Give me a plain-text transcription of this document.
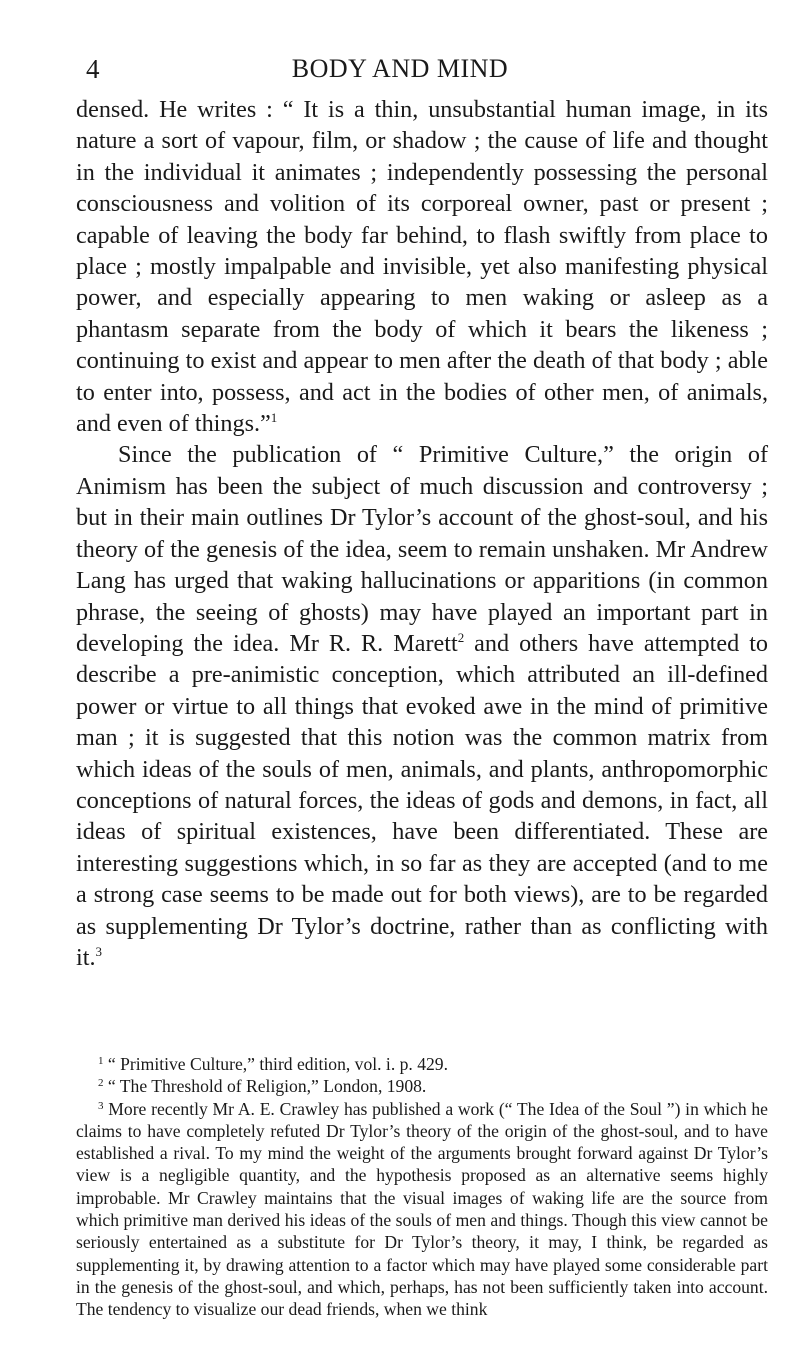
4	BODY AND MIND

densed. He writes : “ It is a thin, unsubstantial human image, in its nature a sort of vapour, film, or shadow ; the cause of life and thought in the individual it animates ; independently possessing the personal consciousness and volition of its corporeal owner, past or present ; capable of leaving the body far behind, to flash swiftly from place to place ; mostly impalpable and invisible, yet also manifesting physical power, and especially appearing to men waking or asleep as a phantasm separate from the body of which it bears the likeness ; continuing to exist and appear to men after the death of that body ; able to enter into, possess, and act in the bodies of other men, of animals, and even of things.”$^1$

Since the publication of “ Primitive Culture,” the origin of Animism has been the subject of much discussion and controversy ; but in their main outlines Dr Tylor’s account of the ghost-soul, and his theory of the genesis of the idea, seem to remain unshaken. Mr Andrew Lang has urged that waking hallucinations or apparitions (in common phrase, the seeing of ghosts) may have played an important part in developing the idea. Mr R. R. Marett$^2$ and others have attempted to describe a pre-animistic conception, which attributed an ill-defined power or virtue to all things that evoked awe in the mind of primitive man ; it is suggested that this notion was the common matrix from which ideas of the souls of men, animals, and plants, anthropomorphic conceptions of natural forces, the ideas of gods and demons, in fact, all ideas of spiritual existences, have been differentiated. These are interesting suggestions which, in so far as they are accepted (and to me a strong case seems to be made out for both views), are to be regarded as supplementing Dr Tylor’s doctrine, rather than as conflicting with it.$^3$

$^1$ “ Primitive Culture,” third edition, vol. i. p. 429.

$^2$ “ The Threshold of Religion,” London, 1908.

$^3$ More recently Mr A. E. Crawley has published a work (“ The Idea of the Soul ”) in which he claims to have completely refuted Dr Tylor’s theory of the origin of the ghost-soul, and to have established a rival. To my mind the weight of the arguments brought forward against Dr Tylor’s view is a negligible quantity, and the hypothesis proposed as an alternative seems highly improbable. Mr Crawley maintains that the visual images of waking life are the source from which primitive man derived his ideas of the souls of men and things. Though this view cannot be seriously entertained as a substitute for Dr Tylor’s theory, it may, I think, be regarded as supplementing it, by drawing attention to a factor which may have played some considerable part in the genesis of the ghost-soul, and which, perhaps, has not been sufficiently taken into account. The tendency to visualize our dead friends, when we think
